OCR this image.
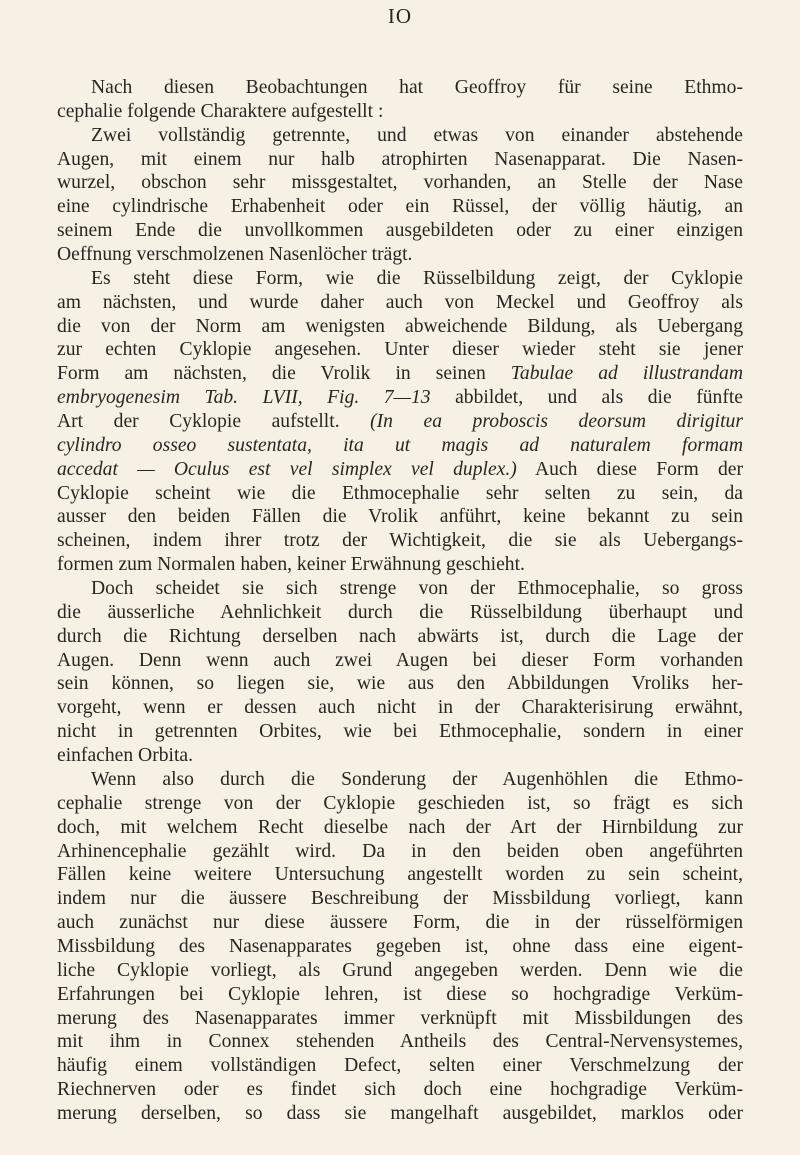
IO
Nach diesen Beobachtungen hat Geoffroy für seine Ethmo-
cephalie folgende Charaktere aufgestellt :
Zwei vollständig getrennte, und etwas von einander abstehende
Augen, mit einem nur halb atrophirten Nasenapparat. Die Nasen-
wurzel, obschon sehr missgestaltet, vorhanden, an Stelle der Nase
eine cylindrische Erhabenheit oder ein Rüssel, der völlig häutig, an
seinem Ende die unvollkommen ausgebildeten oder zu einer einzigen
Oeffnung verschmolzenen Nasenlöcher trägt.
Es steht diese Form, wie die Rüsselbildung zeigt, der Cyklopie
am nächsten, und wurde daher auch von Meckel und Geoffroy als
die von der Norm am wenigsten abweichende Bildung, als Uebergang
zur echten Cyklopie angesehen. Unter dieser wieder steht sie jener
Form am nächsten, die Vrolik in seinen Tabulae ad illustrandam
embryogenesim Tab. LVII, Fig. 7—13 abbildet, und als die fünfte
Art der Cyklopie aufstellt. (In ea proboscis deorsum dirigitur
cylindro osseo sustentata, ita ut magis ad naturalem formam
accedat — Oculus est vel simplex vel duplex.) Auch diese Form der
Cyklopie scheint wie die Ethmocephalie sehr selten zu sein, da
ausser den beiden Fällen die Vrolik anführt, keine bekannt zu sein
scheinen, indem ihrer trotz der Wichtigkeit, die sie als Uebergangs-
formen zum Normalen haben, keiner Erwähnung geschieht.
Doch scheidet sie sich strenge von der Ethmocephalie, so gross
die äusserliche Aehnlichkeit durch die Rüsselbildung überhaupt und
durch die Richtung derselben nach abwärts ist, durch die Lage der
Augen. Denn wenn auch zwei Augen bei dieser Form vorhanden
sein können, so liegen sie, wie aus den Abbildungen Vroliks her-
vorgeht, wenn er dessen auch nicht in der Charakterisirung erwähnt,
nicht in getrennten Orbites, wie bei Ethmocephalie, sondern in einer
einfachen Orbita.
Wenn also durch die Sonderung der Augenhöhlen die Ethmo-
cephalie strenge von der Cyklopie geschieden ist, so frägt es sich
doch, mit welchem Recht dieselbe nach der Art der Hirnbildung zur
Arhinencephalie gezählt wird. Da in den beiden oben angeführten
Fällen keine weitere Untersuchung angestellt worden zu sein scheint,
indem nur die äussere Beschreibung der Missbildung vorliegt, kann
auch zunächst nur diese äussere Form, die in der rüsselförmigen
Missbildung des Nasenapparates gegeben ist, ohne dass eine eigent-
liche Cyklopie vorliegt, als Grund angegeben werden. Denn wie die
Erfahrungen bei Cyklopie lehren, ist diese so hochgradige Verküm-
merung des Nasenapparates immer verknüpft mit Missbildungen des
mit ihm in Connex stehenden Antheils des Central-Nervensystemes,
häufig einem vollständigen Defect, selten einer Verschmelzung der
Riechnerven oder es findet sich doch eine hochgradige Verküm-
merung derselben, so dass sie mangelhaft ausgebildet, marklos oder
